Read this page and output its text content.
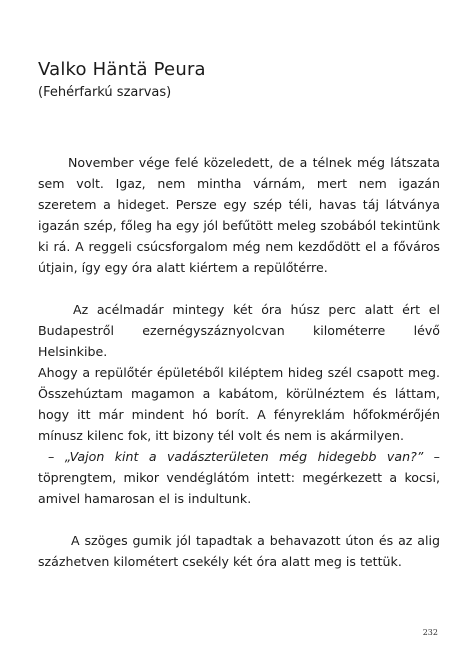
Valko Häntä Peura
(Fehérfarkú szarvas)

November vége felé közeledett, de a télnek még látszata sem volt. Igaz, nem mintha várnám, mert nem igazán szeretem a hideget. Persze egy szép téli, havas táj látványa igazán szép, főleg ha egy jól befűtött meleg szobából tekintünk ki rá. A reggeli csúcsforgalom még nem kezdődött el a főváros útjain, így egy óra alatt kiértem a repülőtérre.

Az acélmadár mintegy két óra húsz perc alatt ért el Budapestről ezernégyszáznyolcvan kilométerre lévő Helsinkibe.

Ahogy a repülőtér épületéből kiléptem hideg szél csapott meg. Összehúztam magamon a kabátom, körülnéztem és láttam, hogy itt már mindent hó borít. A fényreklám hőfokmérőjén mínusz kilenc fok, itt bizony tél volt és nem is akármilyen.

– „Vajon kint a vadászterületen még hidegebb van?” – töprengtem, mikor vendéglátóm intett: megérkezett a kocsi, amivel hamarosan el is indultunk.

A szöges gumik jól tapadtak a behavazott úton és az alig százhetven kilométert csekély két óra alatt meg is tettük.

232
